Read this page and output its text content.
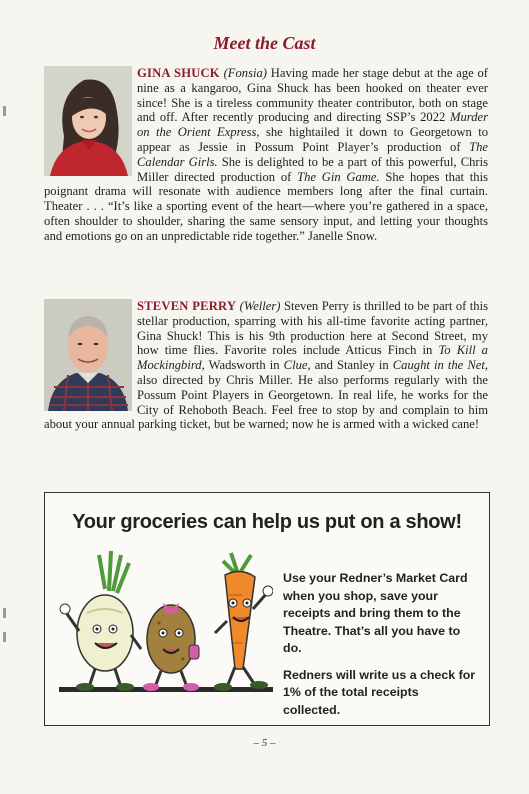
Meet the Cast
GINA SHUCK (Fonsia) Having made her stage debut at the age of nine as a kangaroo, Gina Shuck has been hooked on theater ever since! She is a tireless community theater contributor, both on stage and off. After recently producing and directing SSP’s 2022 Murder on the Orient Express, she hightailed it down to Georgetown to appear as Jessie in Possum Point Player’s production of The Calendar Girls. She is delighted to be a part of this powerful, Chris Miller directed production of The Gin Game. She hopes that this poignant drama will resonate with audience members long after the final curtain. Theater . . . “It’s like a sporting event of the heart—where you’re gathered in a space, often shoulder to shoulder, sharing the same sensory input, and letting your thoughts and emotions go on an unpredictable ride together.” Janelle Snow.
STEVEN PERRY (Weller) Steven Perry is thrilled to be part of this stellar production, sparring with his all-time favorite acting partner, Gina Shuck! This is his 9th production here at Second Street, my how time flies. Favorite roles include Atticus Finch in To Kill a Mockingbird, Wadsworth in Clue, and Stanley in Caught in the Net, also directed by Chris Miller. He also performs regularly with the Possum Point Players in Georgetown. In real life, he works for the City of Rehoboth Beach. Feel free to stop by and complain to him about your annual parking ticket, but be warned; now he is armed with a wicked cane!
Your groceries can help us put on a show!

Use your Redner’s Market Card when you shop, save your receipts and bring them to the Theatre. That’s all you have to do.

Redners will write us a check for 1% of the total receipts collected.

– 5 –
